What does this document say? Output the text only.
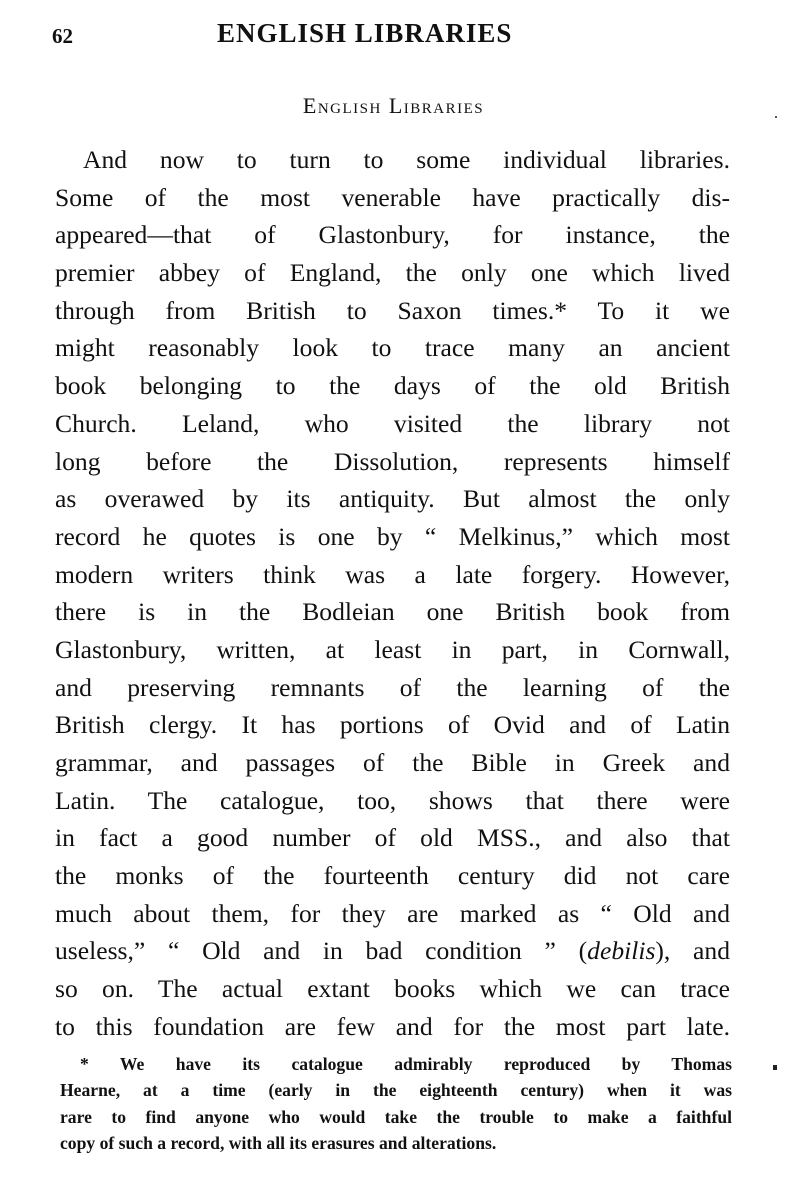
62	ENGLISH LIBRARIES
English Libraries
And now to turn to some individual libraries.
Some of the most venerable have practically dis-
appeared—that of Glastonbury, for instance, the
premier abbey of England, the only one which lived
through from British to Saxon times.* To it we
might reasonably look to trace many an ancient
book belonging to the days of the old British
Church. Leland, who visited the library not
long before the Dissolution, represents himself
as overawed by its antiquity. But almost the only
record he quotes is one by “ Melkinus,” which most
modern writers think was a late forgery. However,
there is in the Bodleian one British book from
Glastonbury, written, at least in part, in Cornwall,
and preserving remnants of the learning of the
British clergy. It has portions of Ovid and of Latin
grammar, and passages of the Bible in Greek and
Latin. The catalogue, too, shows that there were
in fact a good number of old MSS., and also that
the monks of the fourteenth century did not care
much about them, for they are marked as “ Old and
useless,” “ Old and in bad condition ” (debilis), and
so on. The actual extant books which we can trace
to this foundation are few and for the most part late.
* We have its catalogue admirably reproduced by Thomas
Hearne, at a time (early in the eighteenth century) when it was
rare to find anyone who would take the trouble to make a faithful
copy of such a record, with all its erasures and alterations.
